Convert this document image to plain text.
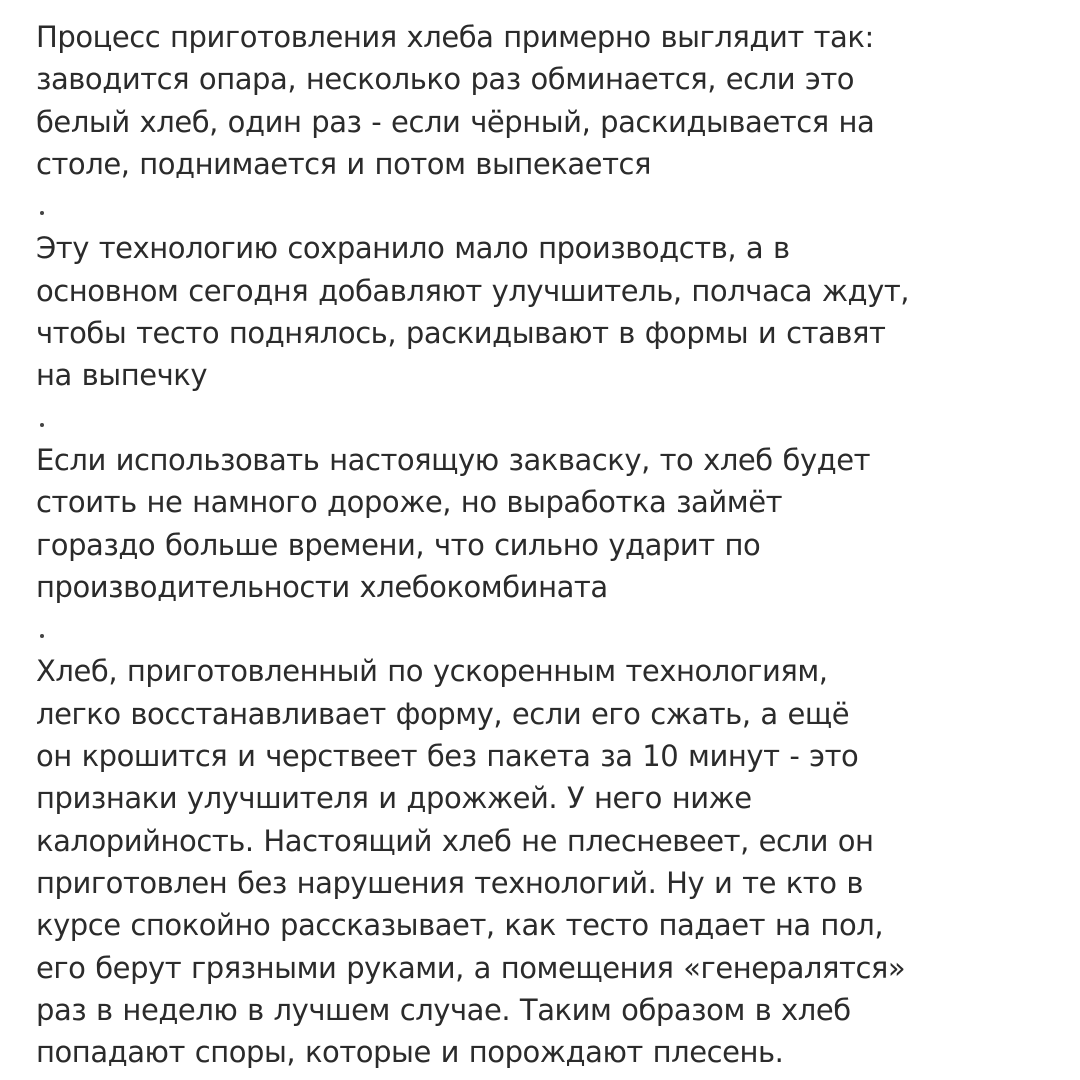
Процесс приготовления хлеба примерно выглядит так:
заводится опара, несколько раз обминается, если это
белый хлеб, один раз - если чёрный, раскидывается на
столе, поднимается и потом выпекается
Эту технологию сохранило мало производств, а в
основном сегодня добавляют улучшитель, полчаса ждут,
чтобы тесто поднялось, раскидывают в формы и ставят
на выпечку
Если использовать настоящую закваску, то хлеб будет
стоить не намного дороже, но выработка займёт
гораздо больше времени, что сильно ударит по
производительности хлебокомбината
Хлеб, приготовленный по ускоренным технологиям,
легко восстанавливает форму, если его сжать, а ещё
он крошится и черствеет без пакета за 10 минут - это
признаки улучшителя и дрожжей. У него ниже
калорийность. Настоящий хлеб не плесневеет, если он
приготовлен без нарушения технологий. Ну и те кто в
курсе спокойно рассказывает, как тесто падает на пол,
его берут грязными руками, а помещения «генералятся»
раз в неделю в лучшем случае. Таким образом в хлеб
попадают споры, которые и порождают плесень.
